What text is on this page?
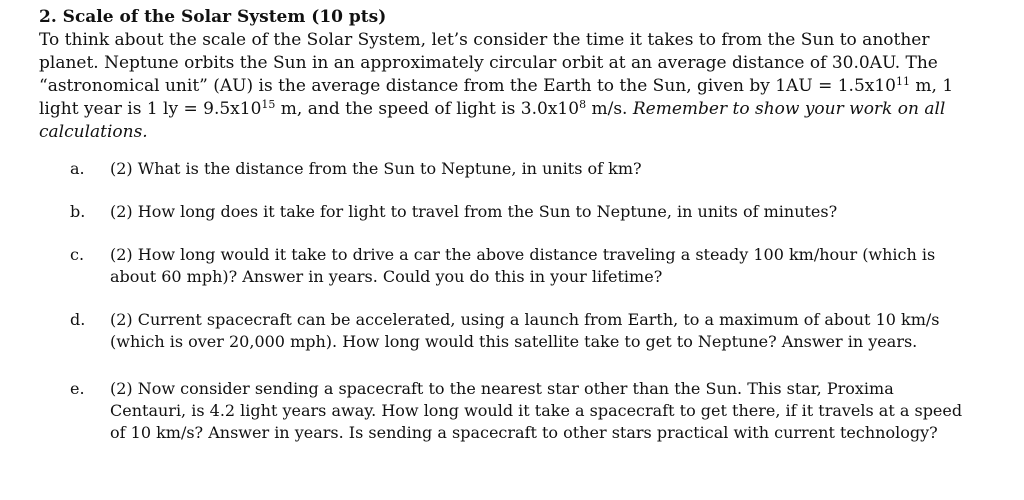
2. Scale of the Solar System (10 pts)

To think about the scale of the Solar System, let’s consider the time it takes to from the Sun to another planet. Neptune orbits the Sun in an approximately circular orbit at an average distance of 30.0AU. The “astronomical unit” (AU) is the average distance from the Earth to the Sun, given by $1AU = 1.5x10^{11}$ m, 1 light year is 1 ly = $9.5x10^{15}$ m, and the speed of light is $3.0x10^8$ m/s. Remember to show your work on all calculations.

a.	(2) What is the distance from the Sun to Neptune, in units of km?
b. (2) How long does it take for light to travel from the Sun to Neptune, in units of minutes?
c.	(2) How long would it take to drive a car the above distance traveling a steady 100 km/hour (which is about 60 mph)? Answer in years. Could you do this in your lifetime?
d. (2) Current spacecraft can be accelerated, using a launch from Earth, to a maximum of about 10 km/s (which is over 20,000 mph). How long would this satellite take to get to Neptune? Answer in years.
e.	(2) Now consider sending a spacecraft to the nearest star other than the Sun. This star, Proxima Centauri, is 4.2 light years away. How long would it take a spacecraft to get there, if it travels at a speed of 10 km/s? Answer in years. Is sending a spacecraft to other stars practical with current technology?
